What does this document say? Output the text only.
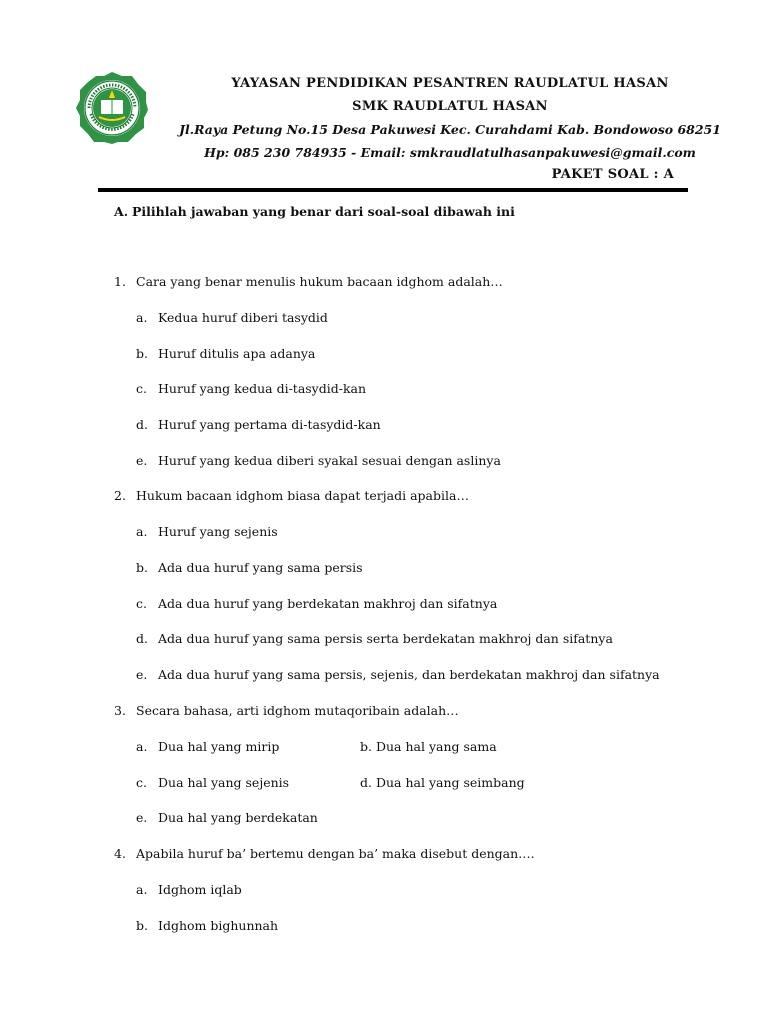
YAYASAN PENDIDIKAN PESANTREN RAUDLATUL HASAN
SMK RAUDLATUL HASAN
Jl.Raya Petung No.15 Desa Pakuwesi Kec. Curahdami Kab. Bondowoso 68251
Hp: 085 230 784935 - Email: smkraudlatulhasanpakuwesi@gmail.com
PAKET SOAL : A
A. Pilihlah jawaban yang benar dari soal-soal dibawah ini
1. Cara yang benar menulis hukum bacaan idghom adalah…
a. Kedua huruf diberi tasydid
b. Huruf ditulis apa adanya
c. Huruf yang kedua di-tasydid-kan
d. Huruf yang pertama di-tasydid-kan
e. Huruf yang kedua diberi syakal sesuai dengan aslinya
2. Hukum bacaan idghom biasa dapat terjadi apabila…
a. Huruf yang sejenis
b. Ada dua huruf yang sama persis
c. Ada dua huruf yang berdekatan makhroj dan sifatnya
d. Ada dua huruf yang sama persis serta berdekatan makhroj dan sifatnya
e. Ada dua huruf yang sama persis, sejenis, dan berdekatan makhroj dan sifatnya
3. Secara bahasa, arti idghom mutaqoribain adalah…
a. Dua hal yang mirip	b. Dua hal yang sama
c. Dua hal yang sejenis	d. Dua hal yang seimbang
e. Dua hal yang berdekatan
4. Apabila huruf ba’ bertemu dengan ba’ maka disebut dengan….
a. Idghom iqlab
b. Idghom bighunnah
